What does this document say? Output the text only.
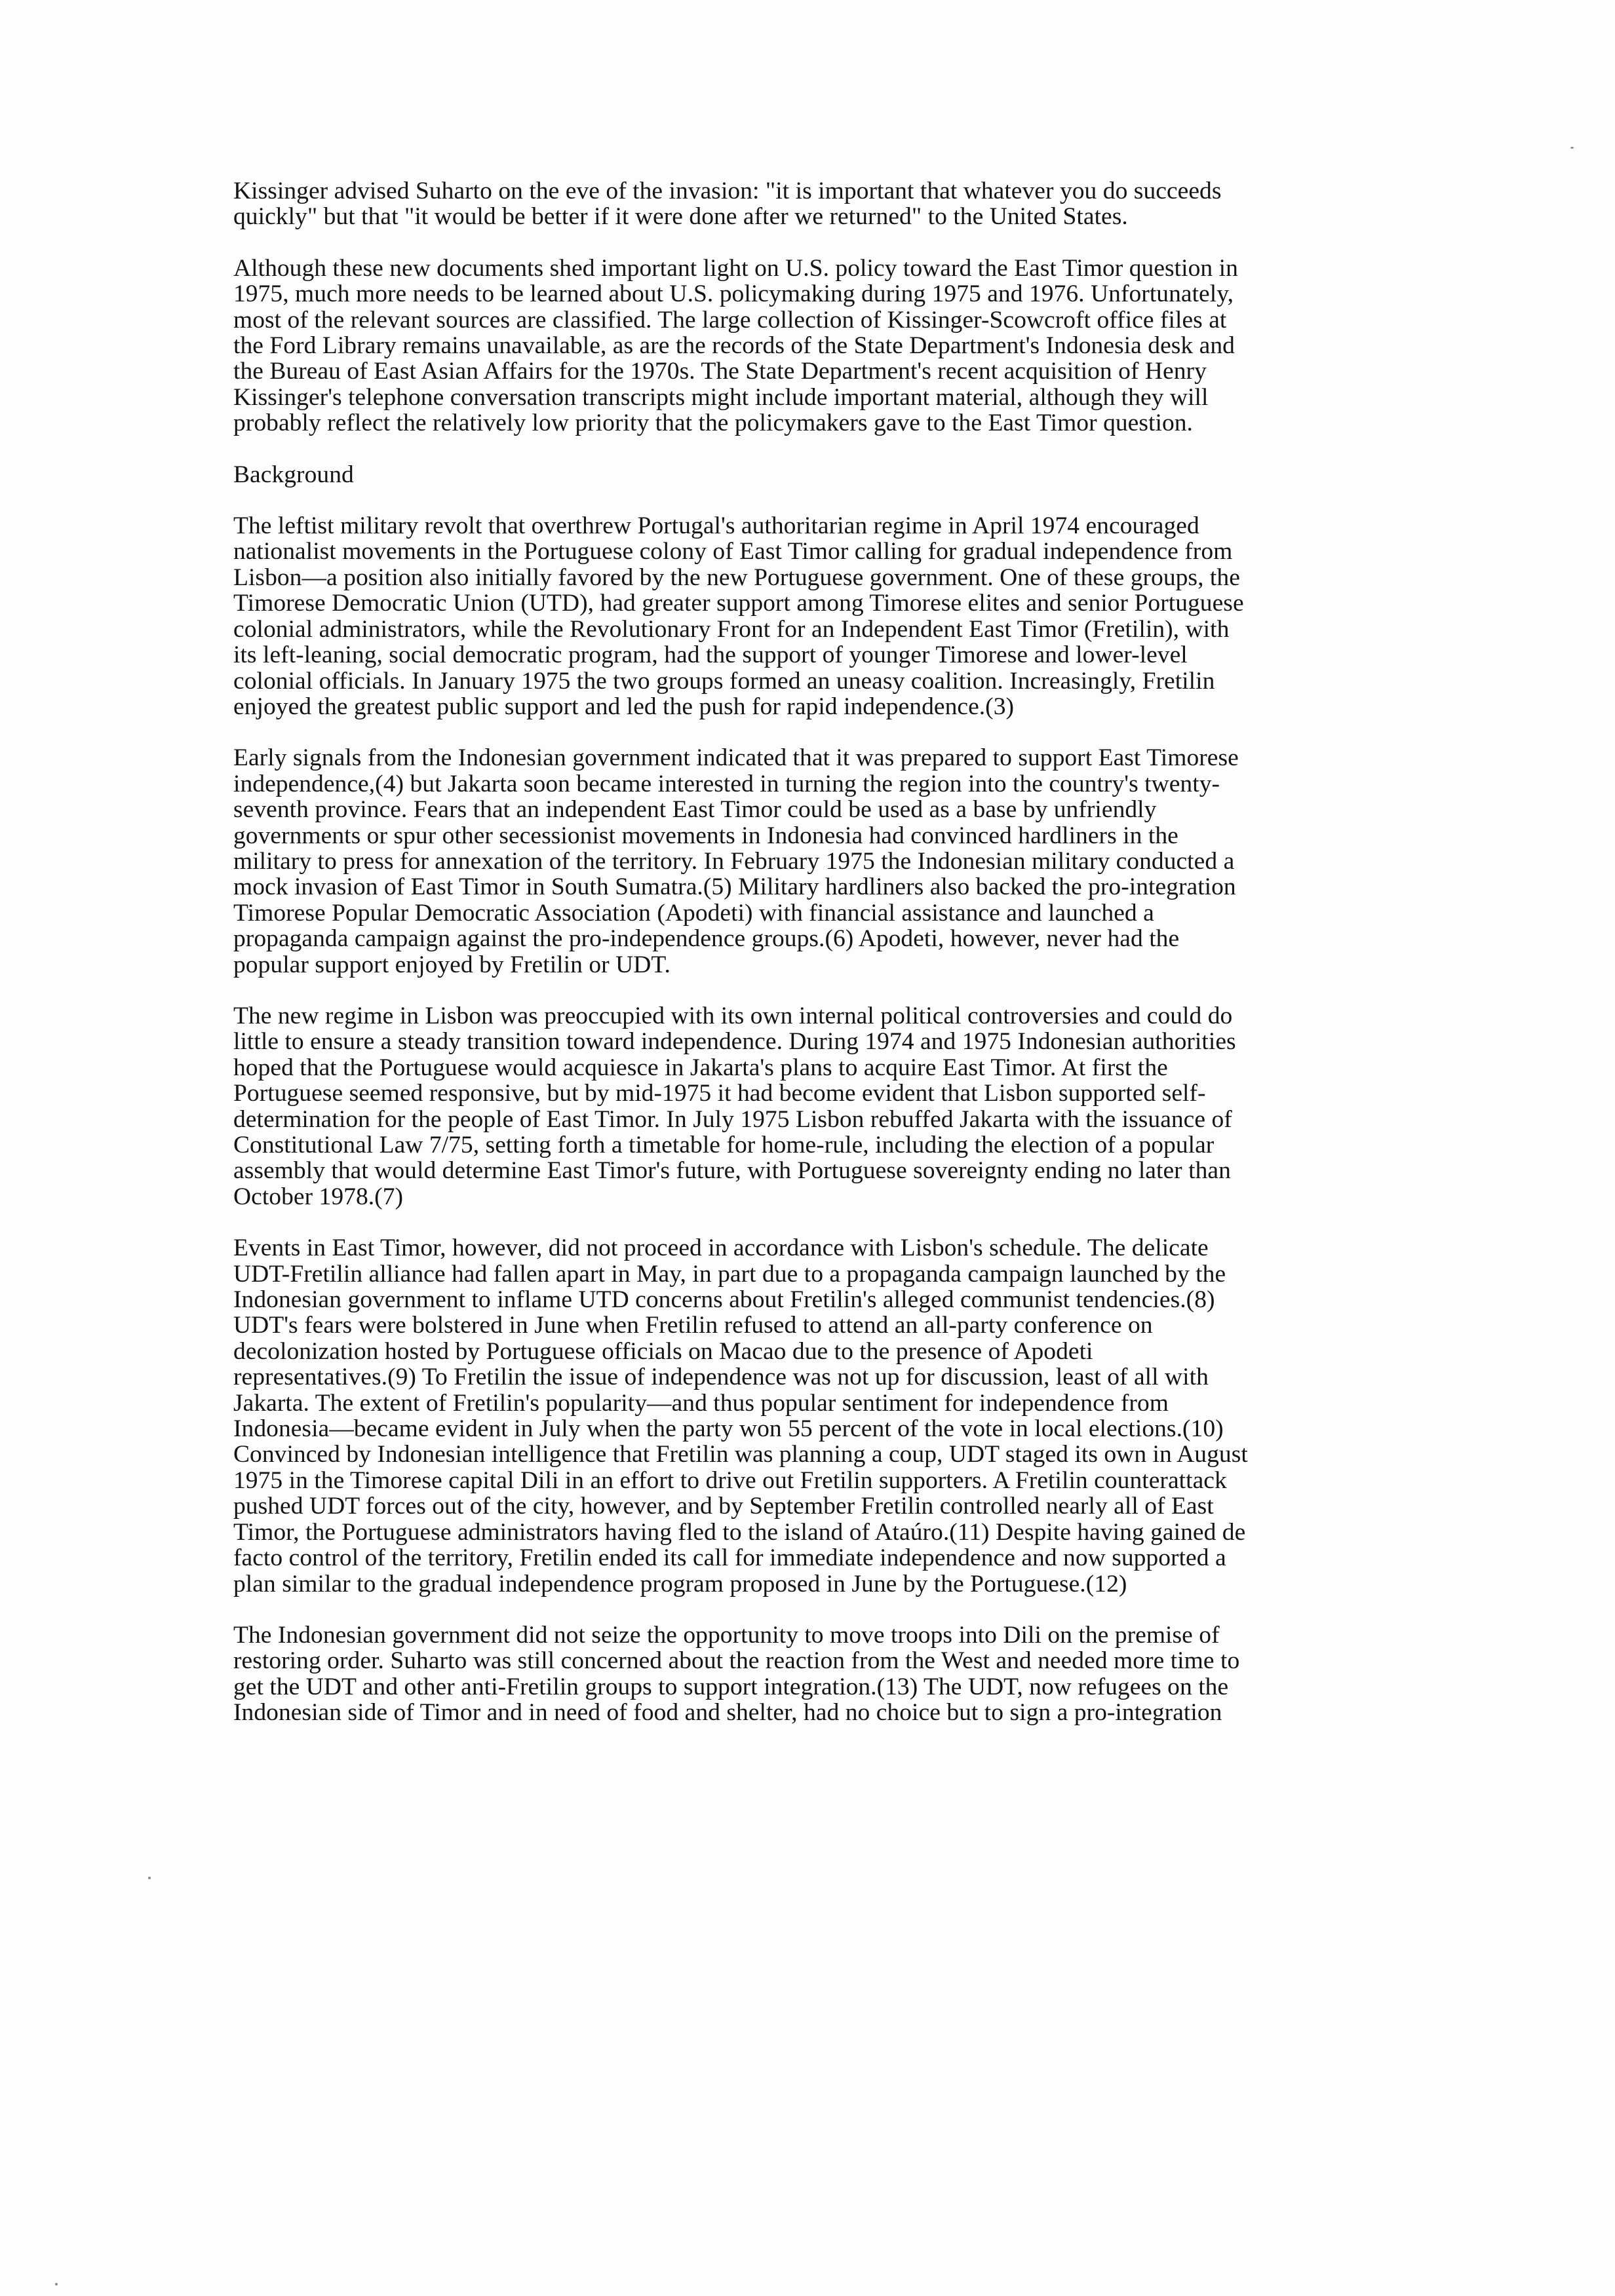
Kissinger advised Suharto on the eve of the invasion: "it is important that whatever you do succeeds
quickly" but that "it would be better if it were done after we returned" to the United States.
Although these new documents shed important light on U.S. policy toward the East Timor question in
1975, much more needs to be learned about U.S. policymaking during 1975 and 1976. Unfortunately,
most of the relevant sources are classified. The large collection of Kissinger-Scowcroft office files at
the Ford Library remains unavailable, as are the records of the State Department's Indonesia desk and
the Bureau of East Asian Affairs for the 1970s. The State Department's recent acquisition of Henry
Kissinger's telephone conversation transcripts might include important material, although they will
probably reflect the relatively low priority that the policymakers gave to the East Timor question.
Background
The leftist military revolt that overthrew Portugal's authoritarian regime in April 1974 encouraged
nationalist movements in the Portuguese colony of East Timor calling for gradual independence from
Lisbon—a position also initially favored by the new Portuguese government. One of these groups, the
Timorese Democratic Union (UTD), had greater support among Timorese elites and senior Portuguese
colonial administrators, while the Revolutionary Front for an Independent East Timor (Fretilin), with
its left-leaning, social democratic program, had the support of younger Timorese and lower-level
colonial officials. In January 1975 the two groups formed an uneasy coalition. Increasingly, Fretilin
enjoyed the greatest public support and led the push for rapid independence.(3)
Early signals from the Indonesian government indicated that it was prepared to support East Timorese
independence,(4) but Jakarta soon became interested in turning the region into the country's twenty-
seventh province. Fears that an independent East Timor could be used as a base by unfriendly
governments or spur other secessionist movements in Indonesia had convinced hardliners in the
military to press for annexation of the territory. In February 1975 the Indonesian military conducted a
mock invasion of East Timor in South Sumatra.(5) Military hardliners also backed the pro-integration
Timorese Popular Democratic Association (Apodeti) with financial assistance and launched a
propaganda campaign against the pro-independence groups.(6) Apodeti, however, never had the
popular support enjoyed by Fretilin or UDT.
The new regime in Lisbon was preoccupied with its own internal political controversies and could do
little to ensure a steady transition toward independence. During 1974 and 1975 Indonesian authorities
hoped that the Portuguese would acquiesce in Jakarta's plans to acquire East Timor. At first the
Portuguese seemed responsive, but by mid-1975 it had become evident that Lisbon supported self-
determination for the people of East Timor. In July 1975 Lisbon rebuffed Jakarta with the issuance of
Constitutional Law 7/75, setting forth a timetable for home-rule, including the election of a popular
assembly that would determine East Timor's future, with Portuguese sovereignty ending no later than
October 1978.(7)
Events in East Timor, however, did not proceed in accordance with Lisbon's schedule. The delicate
UDT-Fretilin alliance had fallen apart in May, in part due to a propaganda campaign launched by the
Indonesian government to inflame UTD concerns about Fretilin's alleged communist tendencies.(8)
UDT's fears were bolstered in June when Fretilin refused to attend an all-party conference on
decolonization hosted by Portuguese officials on Macao due to the presence of Apodeti
representatives.(9) To Fretilin the issue of independence was not up for discussion, least of all with
Jakarta. The extent of Fretilin's popularity—and thus popular sentiment for independence from
Indonesia—became evident in July when the party won 55 percent of the vote in local elections.(10)
Convinced by Indonesian intelligence that Fretilin was planning a coup, UDT staged its own in August
1975 in the Timorese capital Dili in an effort to drive out Fretilin supporters. A Fretilin counterattack
pushed UDT forces out of the city, however, and by September Fretilin controlled nearly all of East
Timor, the Portuguese administrators having fled to the island of Ataúro.(11) Despite having gained de
facto control of the territory, Fretilin ended its call for immediate independence and now supported a
plan similar to the gradual independence program proposed in June by the Portuguese.(12)
The Indonesian government did not seize the opportunity to move troops into Dili on the premise of
restoring order. Suharto was still concerned about the reaction from the West and needed more time to
get the UDT and other anti-Fretilin groups to support integration.(13) The UDT, now refugees on the
Indonesian side of Timor and in need of food and shelter, had no choice but to sign a pro-integration
